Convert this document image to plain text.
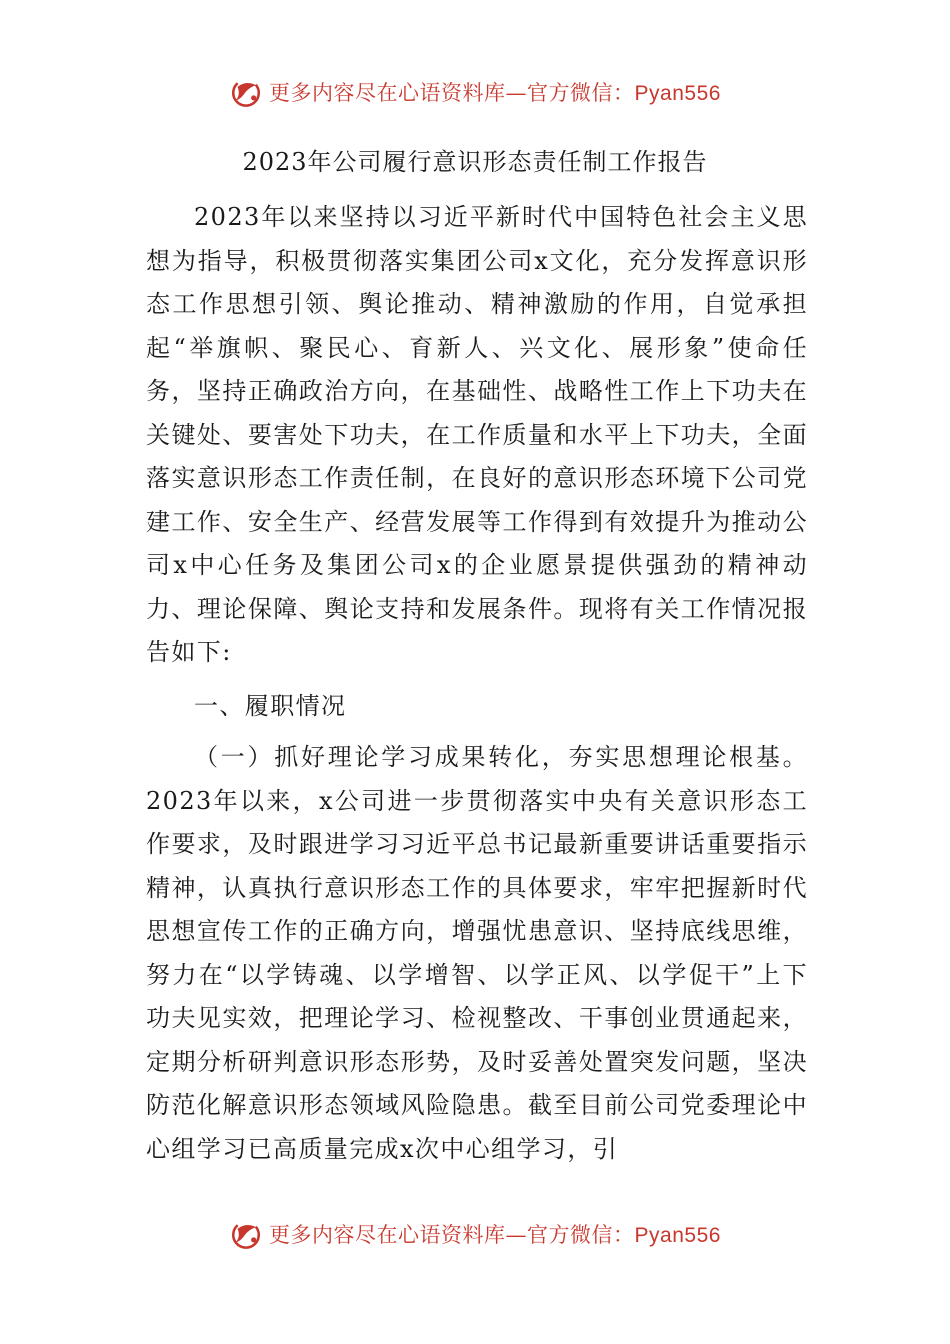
更多内容尽在心语资料库—官方微信：Pyan556
2023年公司履行意识形态责任制工作报告

2023年以来坚持以习近平新时代中国特色社会主义思想为指导，积极贯彻落实集团公司x文化，充分发挥意识形态工作思想引领、舆论推动、精神激励的作用，自觉承担起“举旗帜、聚民心、育新人、兴文化、展形象”使命任务，坚持正确政治方向，在基础性、战略性工作上下功夫在关键处、要害处下功夫，在工作质量和水平上下功夫，全面落实意识形态工作责任制，在良好的意识形态环境下公司党建工作、安全生产、经营发展等工作得到有效提升为推动公司x中心任务及集团公司x的企业愿景提供强劲的精神动力、理论保障、舆论支持和发展条件。现将有关工作情况报告如下:

一、履职情况

（一）抓好理论学习成果转化，夯实思想理论根基。2023年以来，x公司进一步贯彻落实中央有关意识形态工作要求，及时跟进学习习近平总书记最新重要讲话重要指示精神，认真执行意识形态工作的具体要求，牢牢把握新时代思想宣传工作的正确方向，增强忧患意识、坚持底线思维，努力在“以学铸魂、以学增智、以学正风、以学促干”上下功夫见实效，把理论学习、检视整改、干事创业贯通起来，定期分析研判意识形态形势，及时妥善处置突发问题，坚决防范化解意识形态领域风险隐患。截至目前公司党委理论中心组学习已高质量完成x次中心组学习，引

更多内容尽在心语资料库—官方微信：Pyan556
